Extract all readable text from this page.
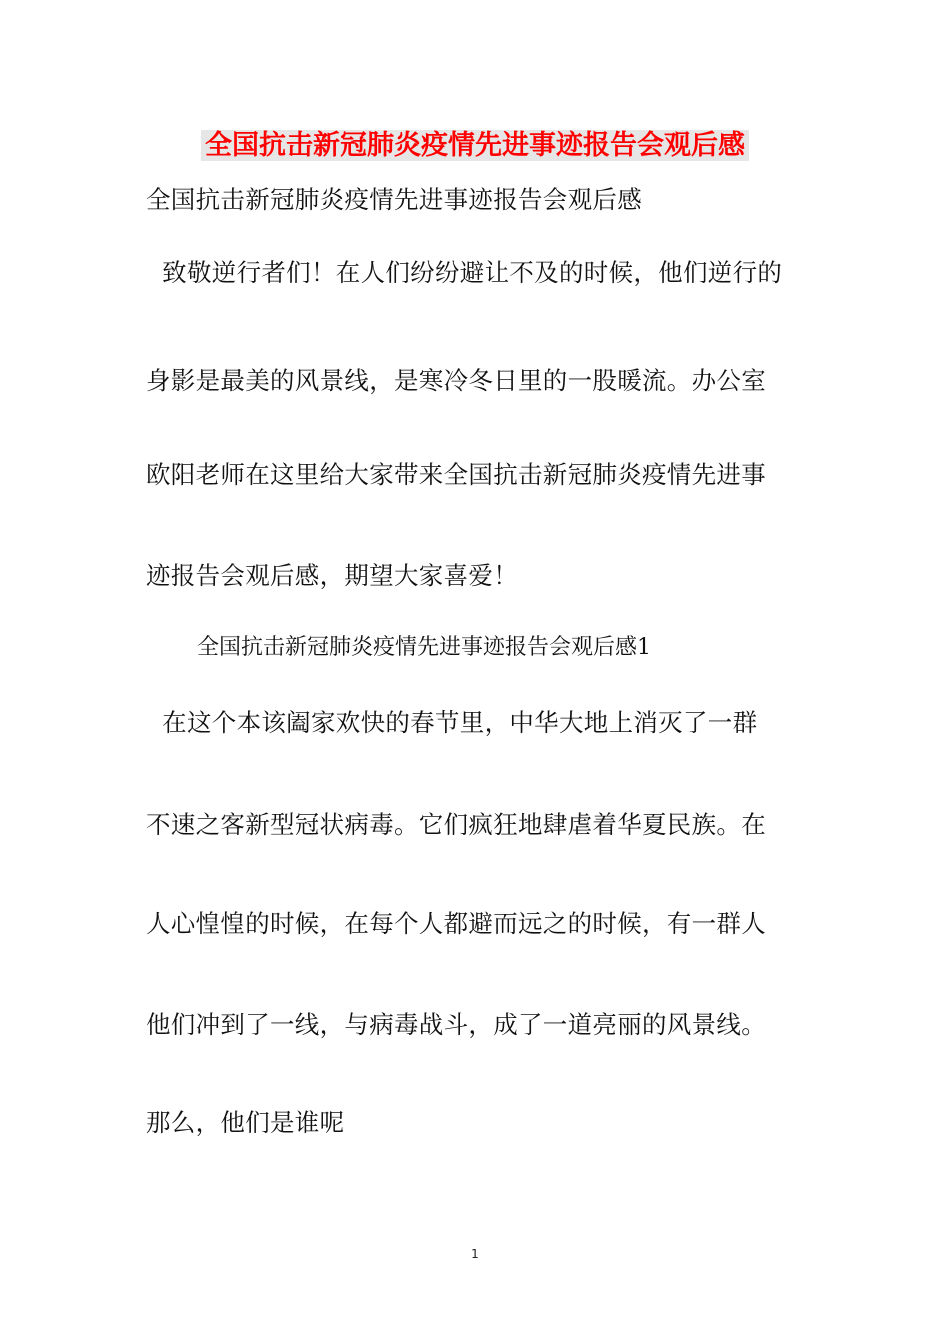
全国抗击新冠肺炎疫情先进事迹报告会观后感
全国抗击新冠肺炎疫情先进事迹报告会观后感
致敬逆行者们！在人们纷纷避让不及的时候，他们逆行的
身影是最美的风景线，是寒冷冬日里的一股暖流。办公室
欧阳老师在这里给大家带来全国抗击新冠肺炎疫情先进事
迹报告会观后感，期望大家喜爱！
全国抗击新冠肺炎疫情先进事迹报告会观后感1
在这个本该阖家欢快的春节里，中华大地上消灭了一群
不速之客新型冠状病毒。它们疯狂地肆虐着华夏民族。在
人心惶惶的时候，在每个人都避而远之的时候，有一群人
他们冲到了一线，与病毒战斗，成了一道亮丽的风景线。
那么，他们是谁呢
1
